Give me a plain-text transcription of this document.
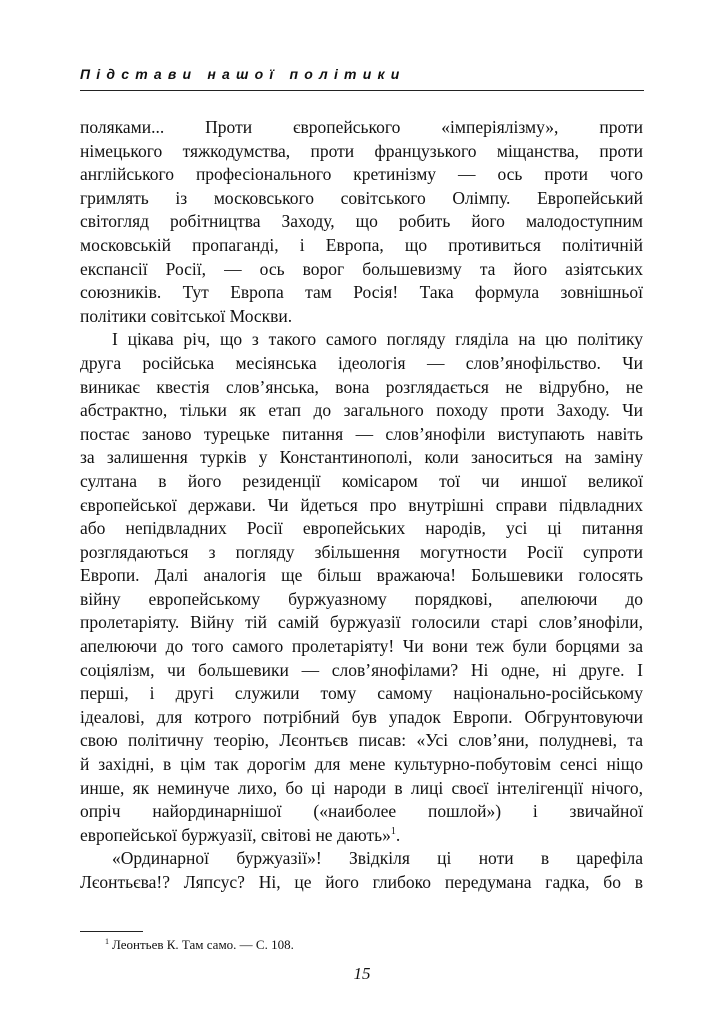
Підстави нашої політики
поляками... Проти європейського «імперіялізму», проти
німецького тяжкодумства, проти французького міщанства, проти
англійського професіонального кретинізму — ось проти чого
гримлять із московського совітського Олімпу. Европейський
світогляд робітництва Заходу, що робить його малодоступним
московській пропаганді, і Европа, що противиться політичній
експансії Росії, — ось ворог большевизму та його азіятських
союзників. Тут Европа там Росія! Така формула зовнішньої
політики совітської Москви.
І цікава річ, що з такого самого погляду гляділа на цю політику
друга російська месіянська ідеологія — слов’янофільство. Чи
виникає квестія слов’янська, вона розглядається не відрубно, не
абстрактно, тільки як етап до загального походу проти Заходу. Чи
постає заново турецьке питання — слов’янофіли виступають навіть
за залишення турків у Константинополі, коли заноситься на заміну
султана в його резиденції комісаром тої чи иншої великої
європейської держави. Чи йдеться про внутрішні справи підвладних
або непідвладних Росії европейських народів, усі ці питання
розглядаються з погляду збільшення могутности Росії супроти
Европи. Далі аналогія ще більш вражаюча! Большевики голосять
війну европейському буржуазному порядкові, апелюючи до
пролетаріяту. Війну тій самій буржуазії голосили старі слов’янофіли,
апелюючи до того самого пролетаріяту! Чи вони теж були борцями за
соціялізм, чи большевики — слов’янофілами? Ні одне, ні друге. І
перші, і другі служили тому самому національно-російському
ідеалові, для котрого потрібний був упадок Европи. Обгрунтовуючи
свою політичну теорію, Лєонтьєв писав: «Усі слов’яни, полудневі, та
й західні, в цім так дорогім для мене культурно-побутовім сенсі ніщо
инше, як неминуче лихо, бо ці народи в лиці своєї інтелігенції нічого,
опріч найординарнішої («наиболее пошлой») і звичайної
европейської буржуазії, світові не дають»$^1$.
«Ординарної буржуазії»! Звідкіля ці ноти в царефіла
Лєонтьєва!? Ляпсус? Ні, це його глибоко передумана гадка, бо в
$^1$ Леонтьев К. Там само. — С. 108.
15
